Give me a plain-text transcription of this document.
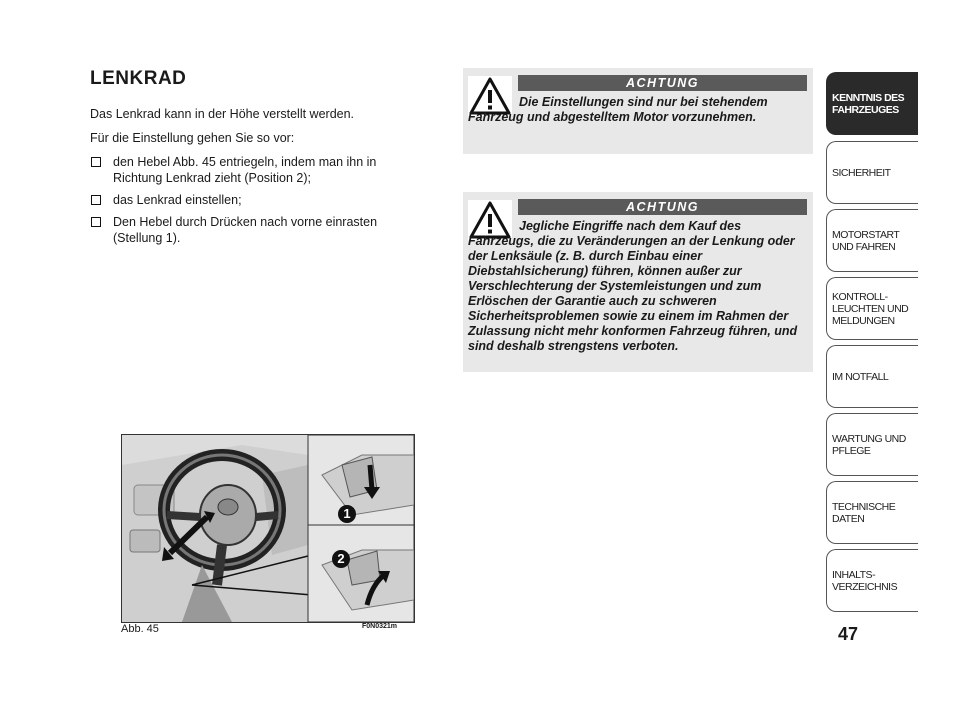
LENKRAD

Das Lenkrad kann in der Höhe verstellt werden.

Für die Einstellung gehen Sie so vor:

den Hebel Abb. 45 entriegeln, indem man ihn in Richtung Lenkrad zieht (Position 2);
das Lenkrad einstellen;
Den Hebel durch Drücken nach vorne einrasten (Stellung 1).
ACHTUNG
Die Einstellungen sind nur bei stehendem Fahrzeug und abgestelltem Motor vorzunehmen.
ACHTUNG
Jegliche Eingriffe nach dem Kauf des Fahrzeugs, die zu Veränderungen an der Lenkung oder der Lenksäule (z. B. durch Einbau einer Diebstahlsicherung) führen, können außer zur Verschlechterung der Systemleistungen und zum Erlöschen der Garantie auch zu schweren Sicherheitsproblemen sowie zu einem im Rahmen der Zulassung nicht mehr konformen Fahrzeug führen, und sind deshalb strengstens verboten.
1
2
Abb. 45	F0N0321m
KENNTNIS DES FAHRZEUGES
SICHERHEIT
MOTORSTART UND FAHREN
KONTROLL- LEUCHTEN UND MELDUNGEN
IM NOTFALL
WARTUNG UND PFLEGE
TECHNISCHE DATEN
INHALTS- VERZEICHNIS
47
